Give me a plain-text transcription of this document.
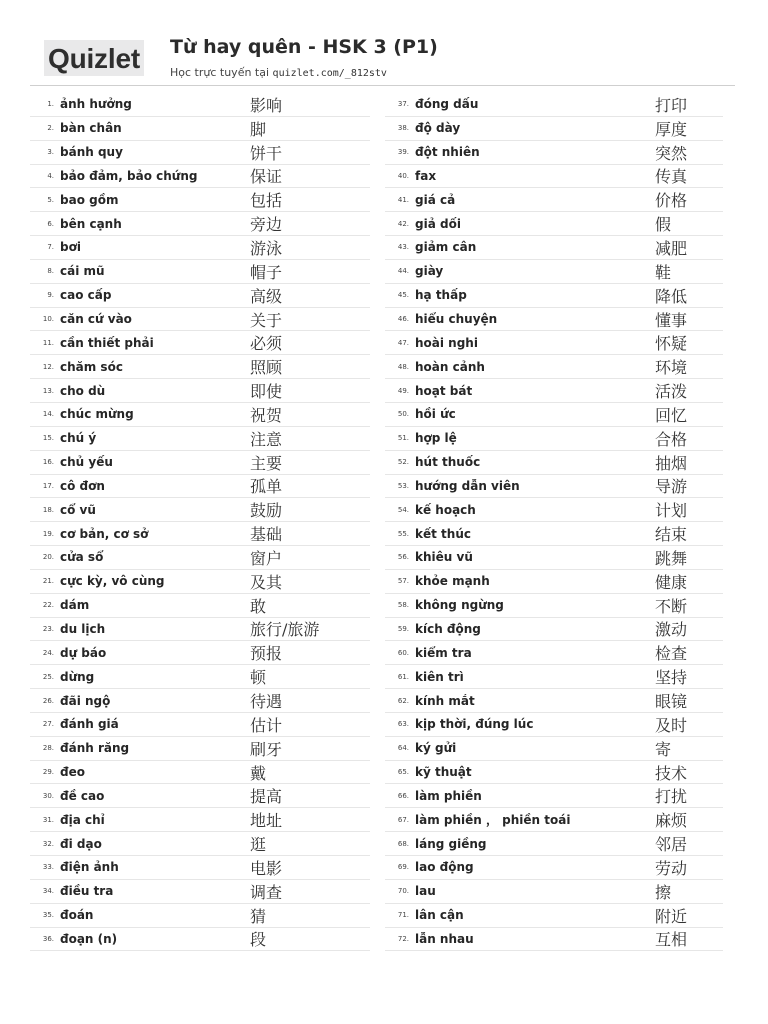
Quizlet Từ hay quên - HSK 3 (P1)
Học trực tuyến tại quizlet.com/_812stv
1. ảnh hưởng	影响
2. bàn chân	脚
3. bánh quy	饼干
4. bảo đảm, bảo chứng	保证
5. bao gồm	包括
6. bên cạnh	旁边
7. bơi	游泳
8. cái mũ	帽子
9. cao cấp	高级
10. căn cứ vào	关于
11. cần thiết phải	必须
12. chăm sóc	照顾
13. cho dù	即使
14. chúc mừng	祝贺
15. chú ý	注意
16. chủ yếu	主要
17. cô đơn	孤单
18. cổ vũ	鼓励
19. cơ bản, cơ sở	基础
20. cửa sổ	窗户
21. cực kỳ, vô cùng	及其
22. dám	敢
23. du lịch	旅行/旅游
24. dự báo	预报
25. dừng	顿
26. đãi ngộ	待遇
27. đánh giá	估计
28. đánh răng	刷牙
29. đeo	戴
30. đề cao	提高
31. địa chỉ	地址
32. đi dạo	逛
33. điện ảnh	电影
34. điều tra	调查
35. đoán	猜
36. đoạn (n)	段
37. đóng dấu	打印
38. độ dày	厚度
39. đột nhiên	突然
40. fax	传真
41. giá cả	价格
42. giả dối	假
43. giảm cân	减肥
44. giày	鞋
45. hạ thấp	降低
46. hiểu chuyện	懂事
47. hoài nghi	怀疑
48. hoàn cảnh	环境
49. hoạt bát	活泼
50. hồi ức	回忆
51. hợp lệ	合格
52. hút thuốc	抽烟
53. hướng dẫn viên	导游
54. kế hoạch	计划
55. kết thúc	结束
56. khiêu vũ	跳舞
57. khỏe mạnh	健康
58. không ngừng	不断
59. kích động	激动
60. kiểm tra	检查
61. kiên trì	坚持
62. kính mắt	眼镜
63. kịp thời, đúng lúc	及时
64. ký gửi	寄
65. kỹ thuật	技术
66. làm phiền	打扰
67. làm phiền ， phiền toái	麻烦
68. láng giềng	邻居
69. lao động	劳动
70. lau	擦
71. lân cận	附近
72. lẫn nhau	互相
